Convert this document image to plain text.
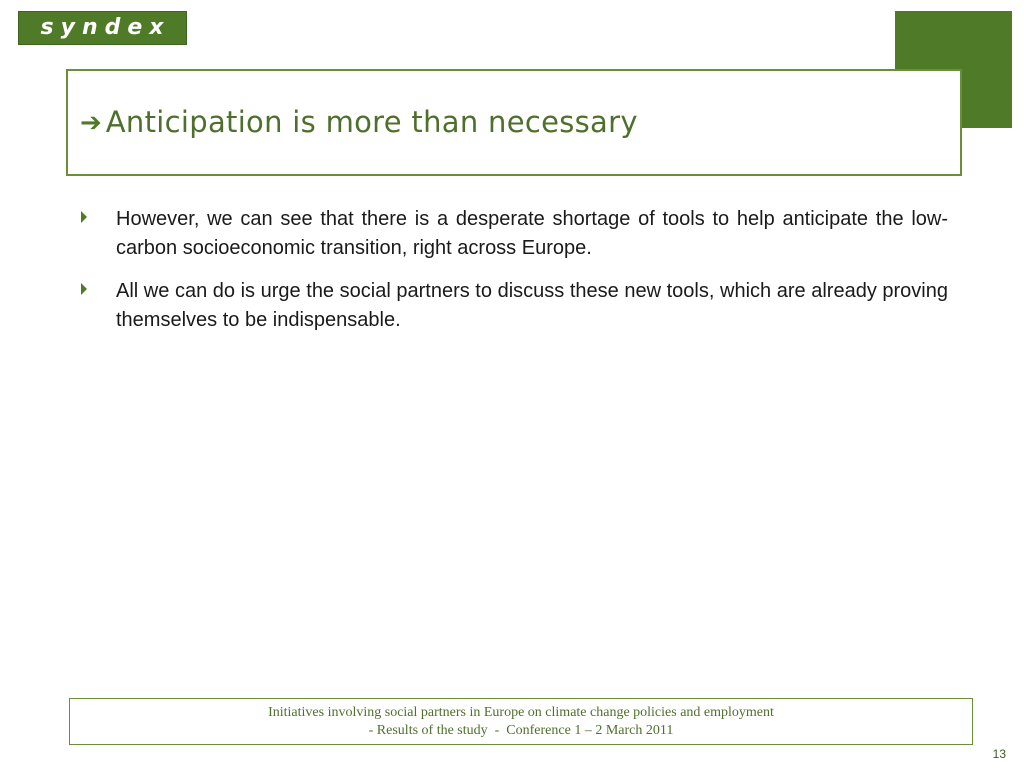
syndex
➔ Anticipation is more than necessary
However, we can see that there is a desperate shortage of tools to help anticipate the low-carbon socioeconomic transition, right across Europe.
All we can do is urge the social partners to discuss these new tools, which are already proving themselves to be indispensable.
Initiatives involving social partners in Europe on climate change policies and employment
- Results of the study  -  Conference 1 – 2 March 2011
13
